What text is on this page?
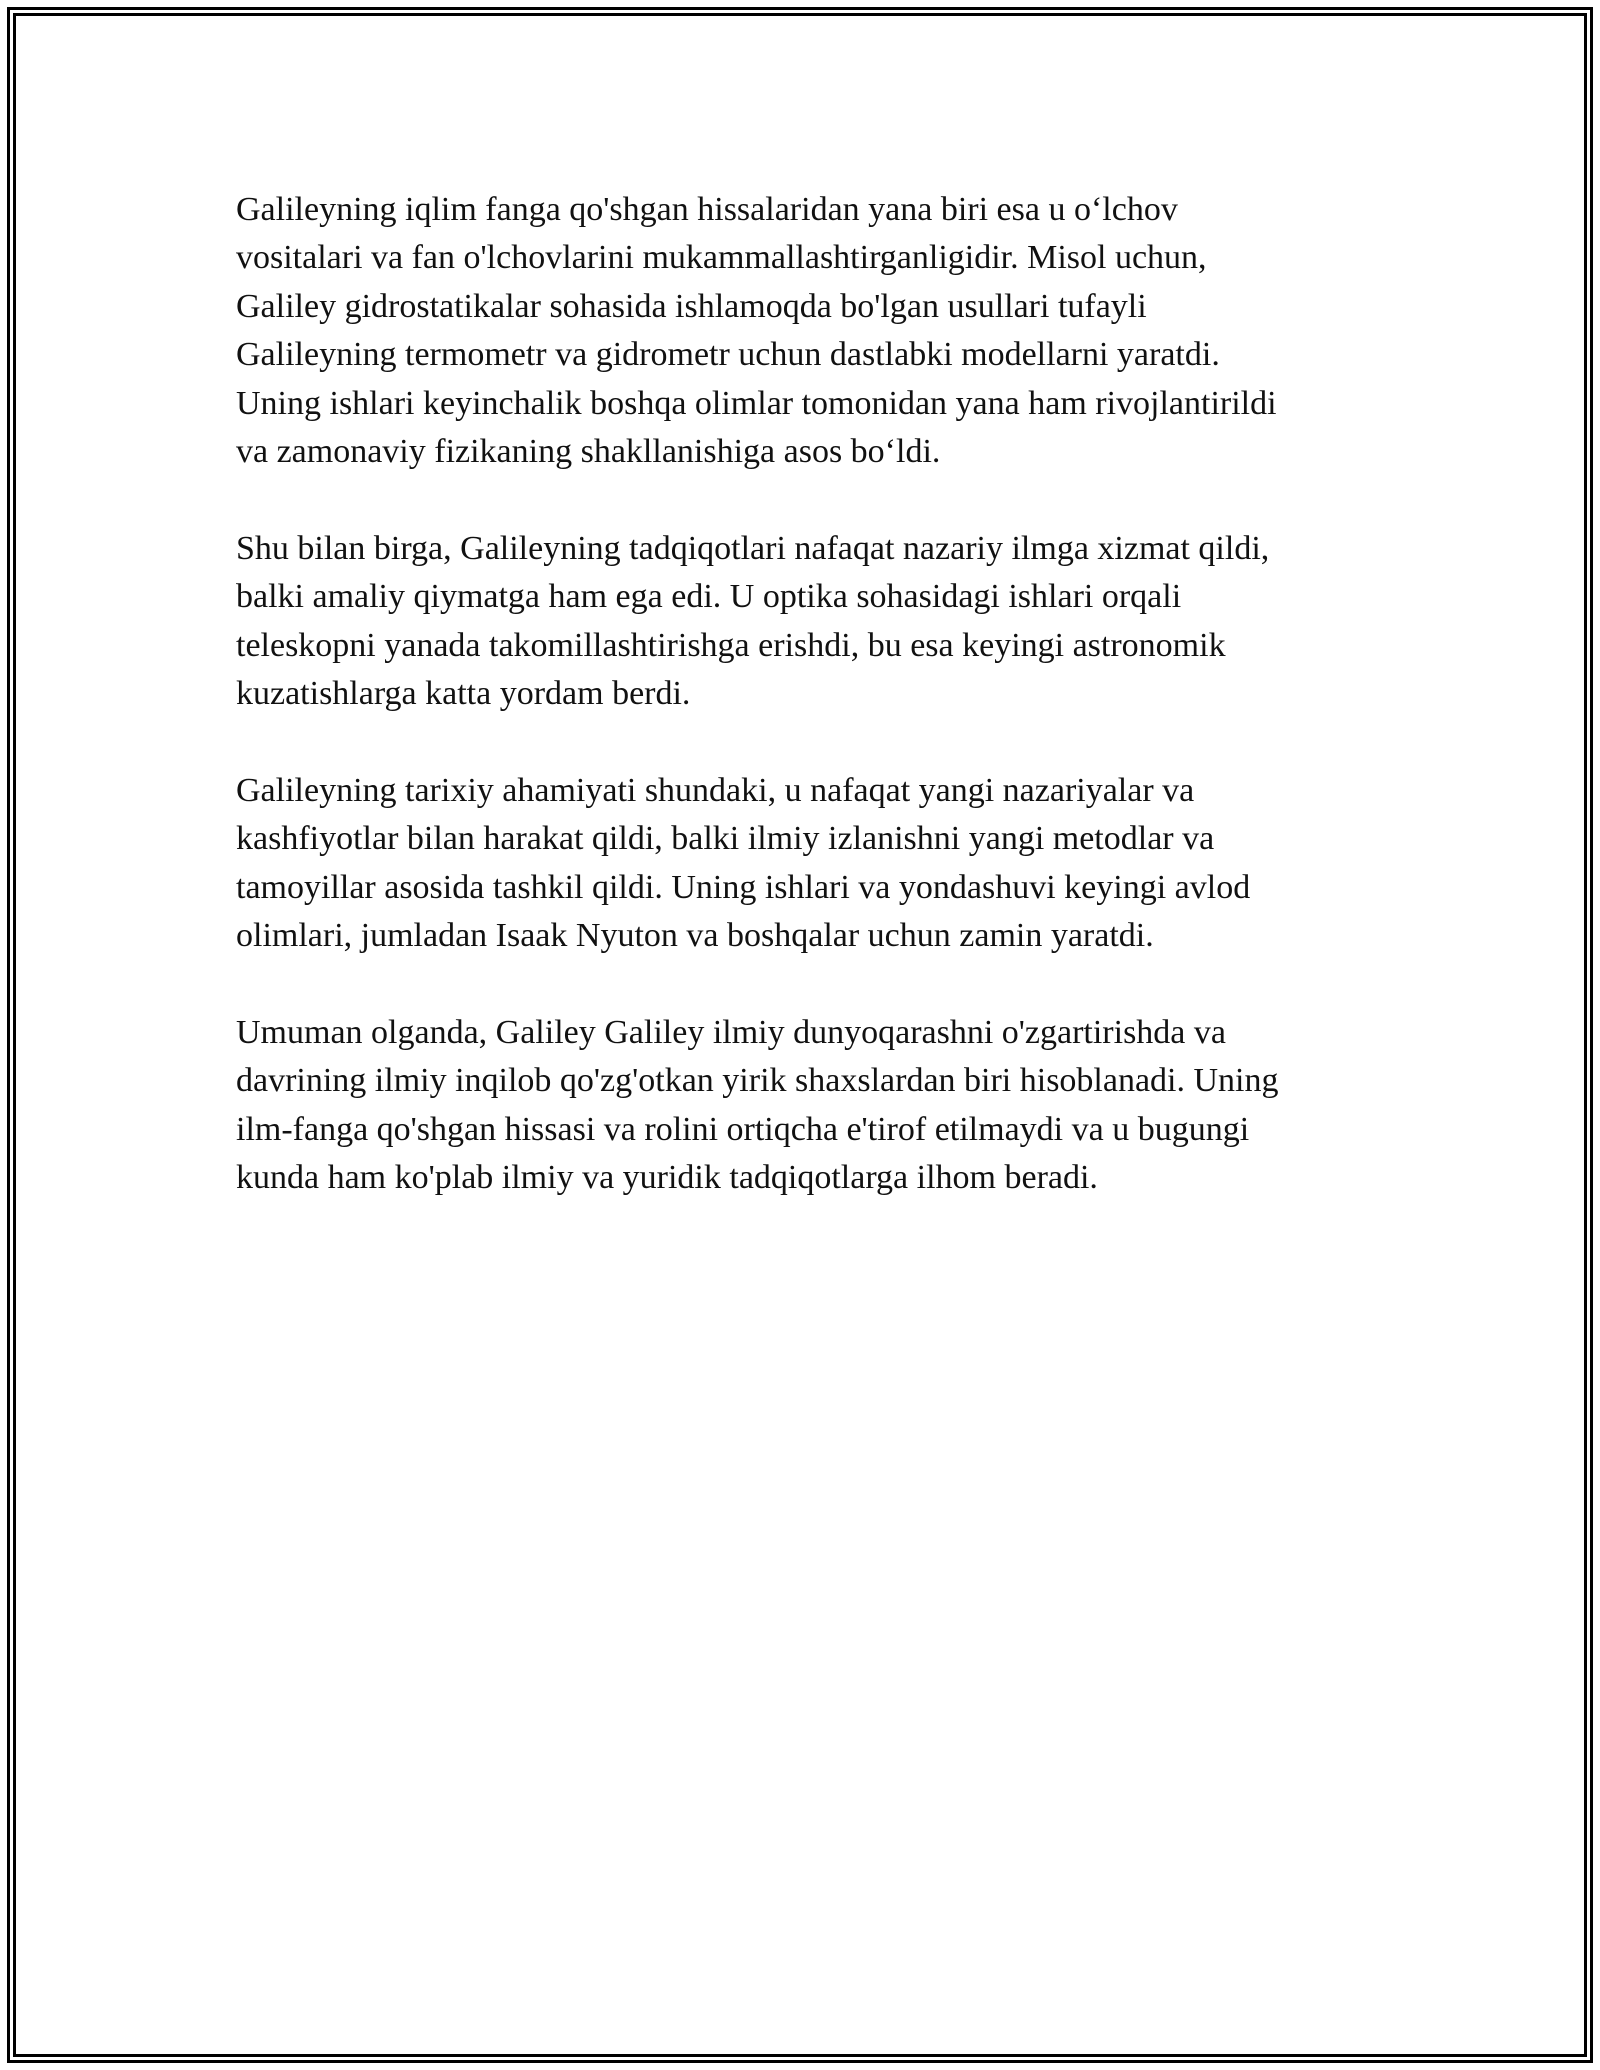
Galileyning iqlim fanga qo'shgan hissalaridan yana biri esa u o‘lchov
vositalari va fan o'lchovlarini mukammallashtirganligidir. Misol uchun,
Galiley gidrostatikalar sohasida ishlamoqda bo'lgan usullari tufayli
Galileyning termometr va gidrometr uchun dastlabki modellarni yaratdi.
Uning ishlari keyinchalik boshqa olimlar tomonidan yana ham rivojlantirildi
va zamonaviy fizikaning shakllanishiga asos bo‘ldi.

Shu bilan birga, Galileyning tadqiqotlari nafaqat nazariy ilmga xizmat qildi,
balki amaliy qiymatga ham ega edi. U optika sohasidagi ishlari orqali
teleskopni yanada takomillashtirishga erishdi, bu esa keyingi astronomik
kuzatishlarga katta yordam berdi.

Galileyning tarixiy ahamiyati shundaki, u nafaqat yangi nazariyalar va
kashfiyotlar bilan harakat qildi, balki ilmiy izlanishni yangi metodlar va
tamoyillar asosida tashkil qildi. Uning ishlari va yondashuvi keyingi avlod
olimlari, jumladan Isaak Nyuton va boshqalar uchun zamin yaratdi.

Umuman olganda, Galiley Galiley ilmiy dunyoqarashni o'zgartirishda va
davrining ilmiy inqilob qo'zg'otkan yirik shaxslardan biri hisoblanadi. Uning
ilm-fanga qo'shgan hissasi va rolini ortiqcha e'tirof etilmaydi va u bugungi
kunda ham ko'plab ilmiy va yuridik tadqiqotlarga ilhom beradi.
